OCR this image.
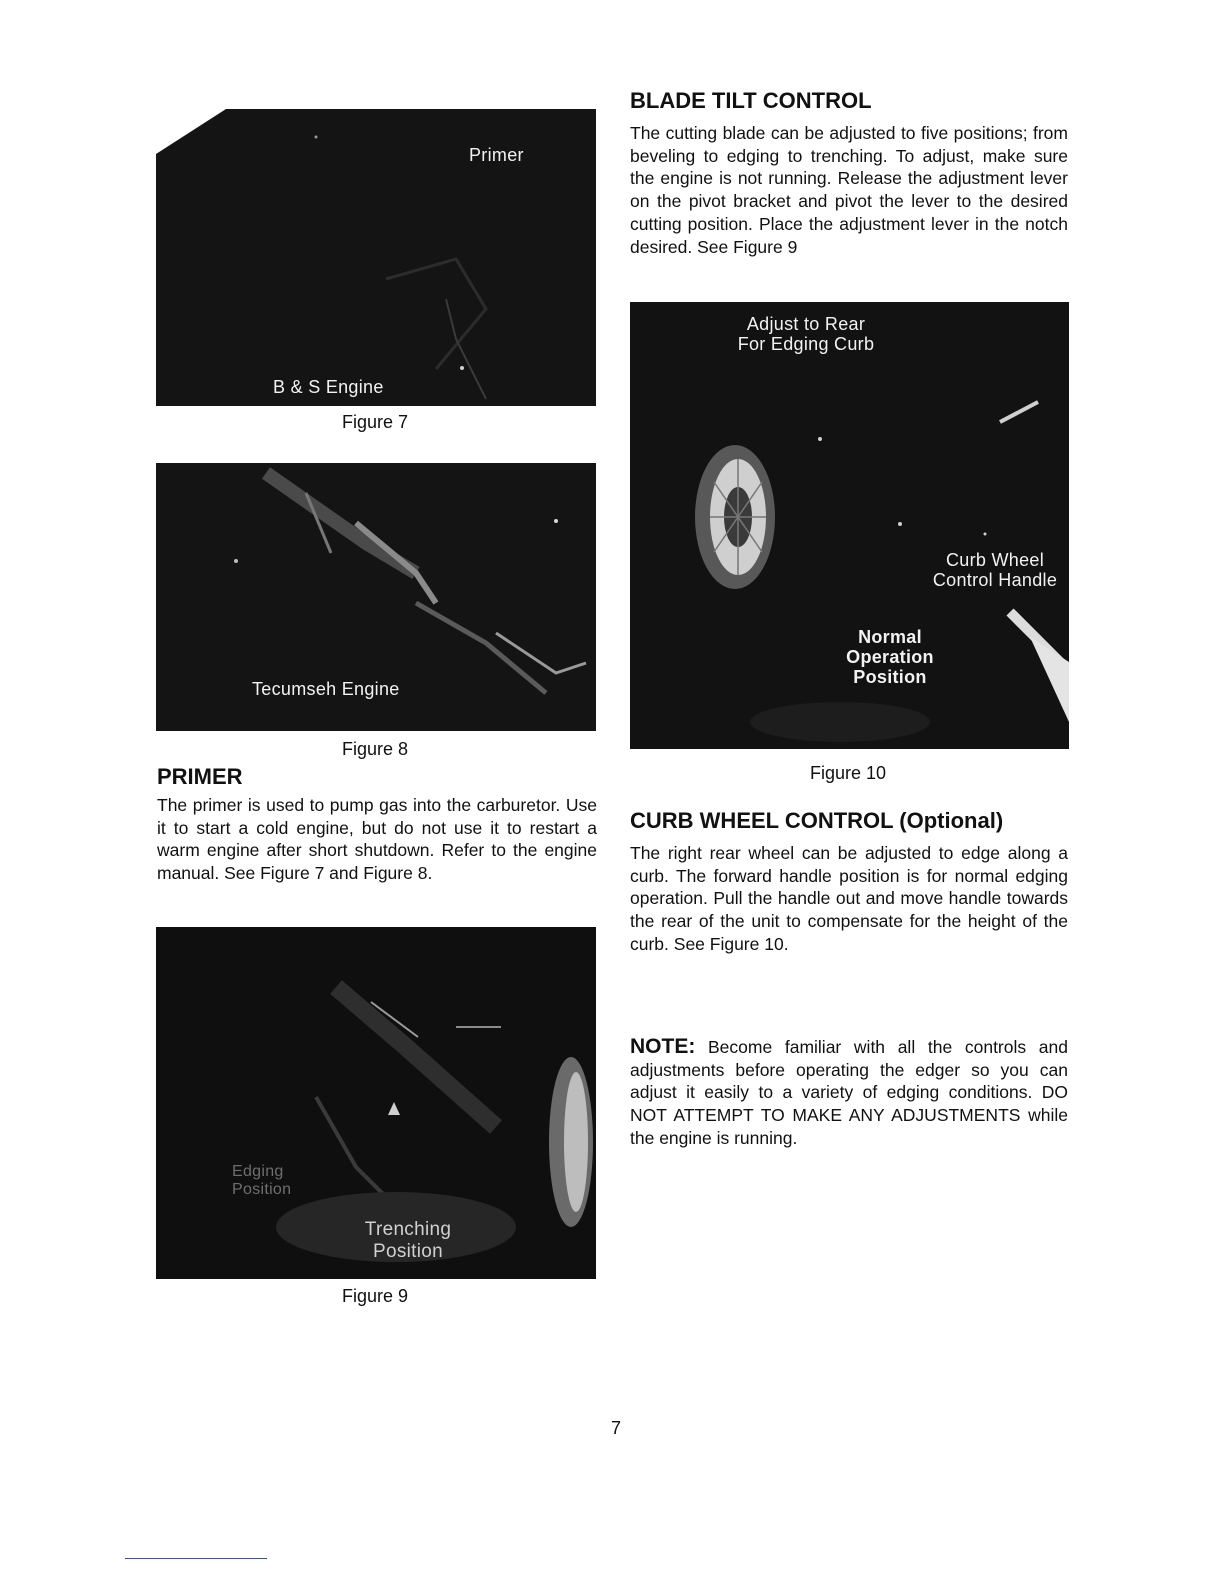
Primer
B & S Engine
Figure 7
Tecumseh Engine
Figure 8
PRIMER
The primer is used to pump gas into the carburetor. Use it to start a cold engine, but do not use it to restart a warm engine after short shutdown. Refer to the engine manual. See Figure 7 and Figure 8.
Edging Position
Trenching Position
Figure 9
BLADE TILT CONTROL
The cutting blade can be adjusted to five positions; from beveling to edging to trenching. To adjust, make sure the engine is not running. Release the adjustment lever on the pivot bracket and pivot the lever to the desired cutting position. Place the adjustment lever in the notch desired. See Figure 9
Adjust to Rear
For Edging Curb
Curb Wheel
Control Handle
Normal
Operation
Position
Figure 10
CURB WHEEL CONTROL (Optional)
The right rear wheel can be adjusted to edge along a curb. The forward handle position is for normal edging operation. Pull the handle out and move handle towards the rear of the unit to compensate for the height of the curb. See Figure 10.
NOTE: Become familiar with all the controls and adjustments before operating the edger so you can adjust it easily to a variety of edging conditions. DO NOT ATTEMPT TO MAKE ANY ADJUSTMENTS while the engine is running.
7
